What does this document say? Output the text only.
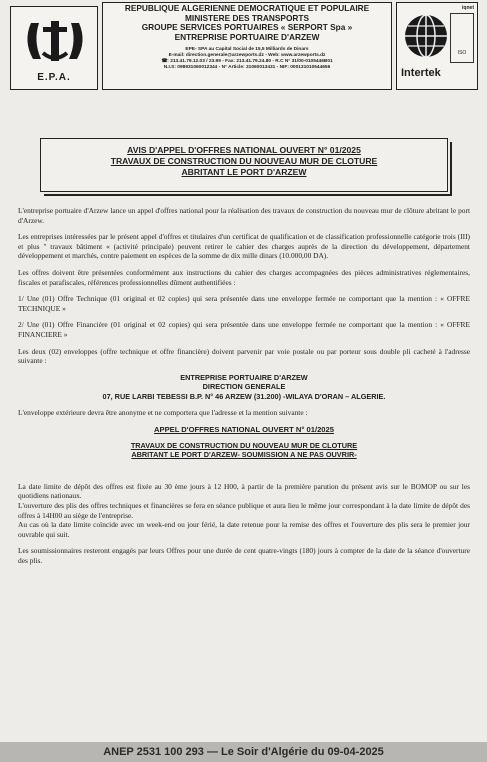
E.P.A.
REPUBLIQUE ALGERIENNE DEMOCRATIQUE ET POPULAIRE
MINISTERE DES TRANSPORTS
GROUPE SERVICES PORTUAIRES « SERPORT Spa »
ENTREPRISE PORTUAIRE D'ARZEW
EPE- SPA au Capital Social de 15,5 Milliards de Dinars
E-mail: direction.generale@arzewports.dz - Web: www.arzewports.dz
☎: 213.41.79.12.03 / 23.99 - Fax: 213.41.79.24.80 - R.C N° 31/00-0105446B01
N.I.S: 098931060012344 - N° Article: 31060013431 - NIF: 000131010544656	Intertek
iqnet
ISO
AVIS D'APPEL D'OFFRES NATIONAL OUVERT N° 01/2025
TRAVAUX DE CONSTRUCTION DU NOUVEAU MUR DE CLOTURE
ABRITANT LE PORT D'ARZEW

L'entreprise portuaire d'Arzew lance un appel d'offres national pour la réalisation des travaux de construction du nouveau mur de clôture abritant le port d'Arzew.

Les entreprises intéressées par le présent appel d'offres et titulaires d'un certificat de qualification et de classification professionnelle catégorie trois (III) et plus " travaux bâtiment « (activité principale) peuvent retirer le cahier des charges auprès de la direction du développement, département développement et marchés, contre paiement en espèces de la somme de dix mille dinars (10.000,00 DA).

Les offres doivent être présentées conformément aux instructions du cahier des charges accompagnées des pièces administratives réglementaires, fiscales et parafiscales, références professionnelles dûment authentifiées :

1/ Une (01) Offre Technique (01 original et 02 copies) qui sera présentée dans une enveloppe fermée ne comportant que la mention : « OFFRE TECHNIQUE »

2/ Une (01) Offre Financière (01 original et 02 copies) qui sera présentée dans une enveloppe fermée ne comportant que la mention : « OFFRE FINANCIERE »

Les deux (02) enveloppes (offre technique et offre financière) doivent parvenir par voie postale ou par porteur sous double pli cacheté à l'adresse suivante :

ENTREPRISE PORTUAIRE D'ARZEW
DIRECTION GENERALE
07, RUE LARBI TEBESSI B.P. N° 46 ARZEW (31.200) -WILAYA D'ORAN – ALGERIE.

L'enveloppe extérieure devra être anonyme et ne comportera que l'adresse et la mention suivante :

APPEL D'OFFRES NATIONAL OUVERT N° 01/2025
TRAVAUX DE CONSTRUCTION DU NOUVEAU MUR DE CLOTURE
ABRITANT LE PORT D'ARZEW- SOUMISSION A NE PAS OUVRIR-

La date limite de dépôt des offres est fixée au 30 ème jours à 12 H00, à partir de la première parution du présent avis sur le BOMOP ou sur les quotidiens nationaux.

L'ouverture des plis des offres techniques et financières se fera en séance publique et aura lieu le même jour correspondant à la date limite de dépôt des offres à 14H00 au siège de l'entreprise.

Au cas où la date limite coïncide avec un week-end ou jour férié, la date retenue pour la remise des offres et l'ouverture des plis sera le premier jour ouvrable qui suit.

Les soumissionnaires resteront engagés par leurs Offres pour une durée de cent quatre-vingts (180) jours à compter de la date de la séance d'ouverture des plis.

ANEP 2531 100 293 — Le Soir d'Algérie du 09-04-2025
